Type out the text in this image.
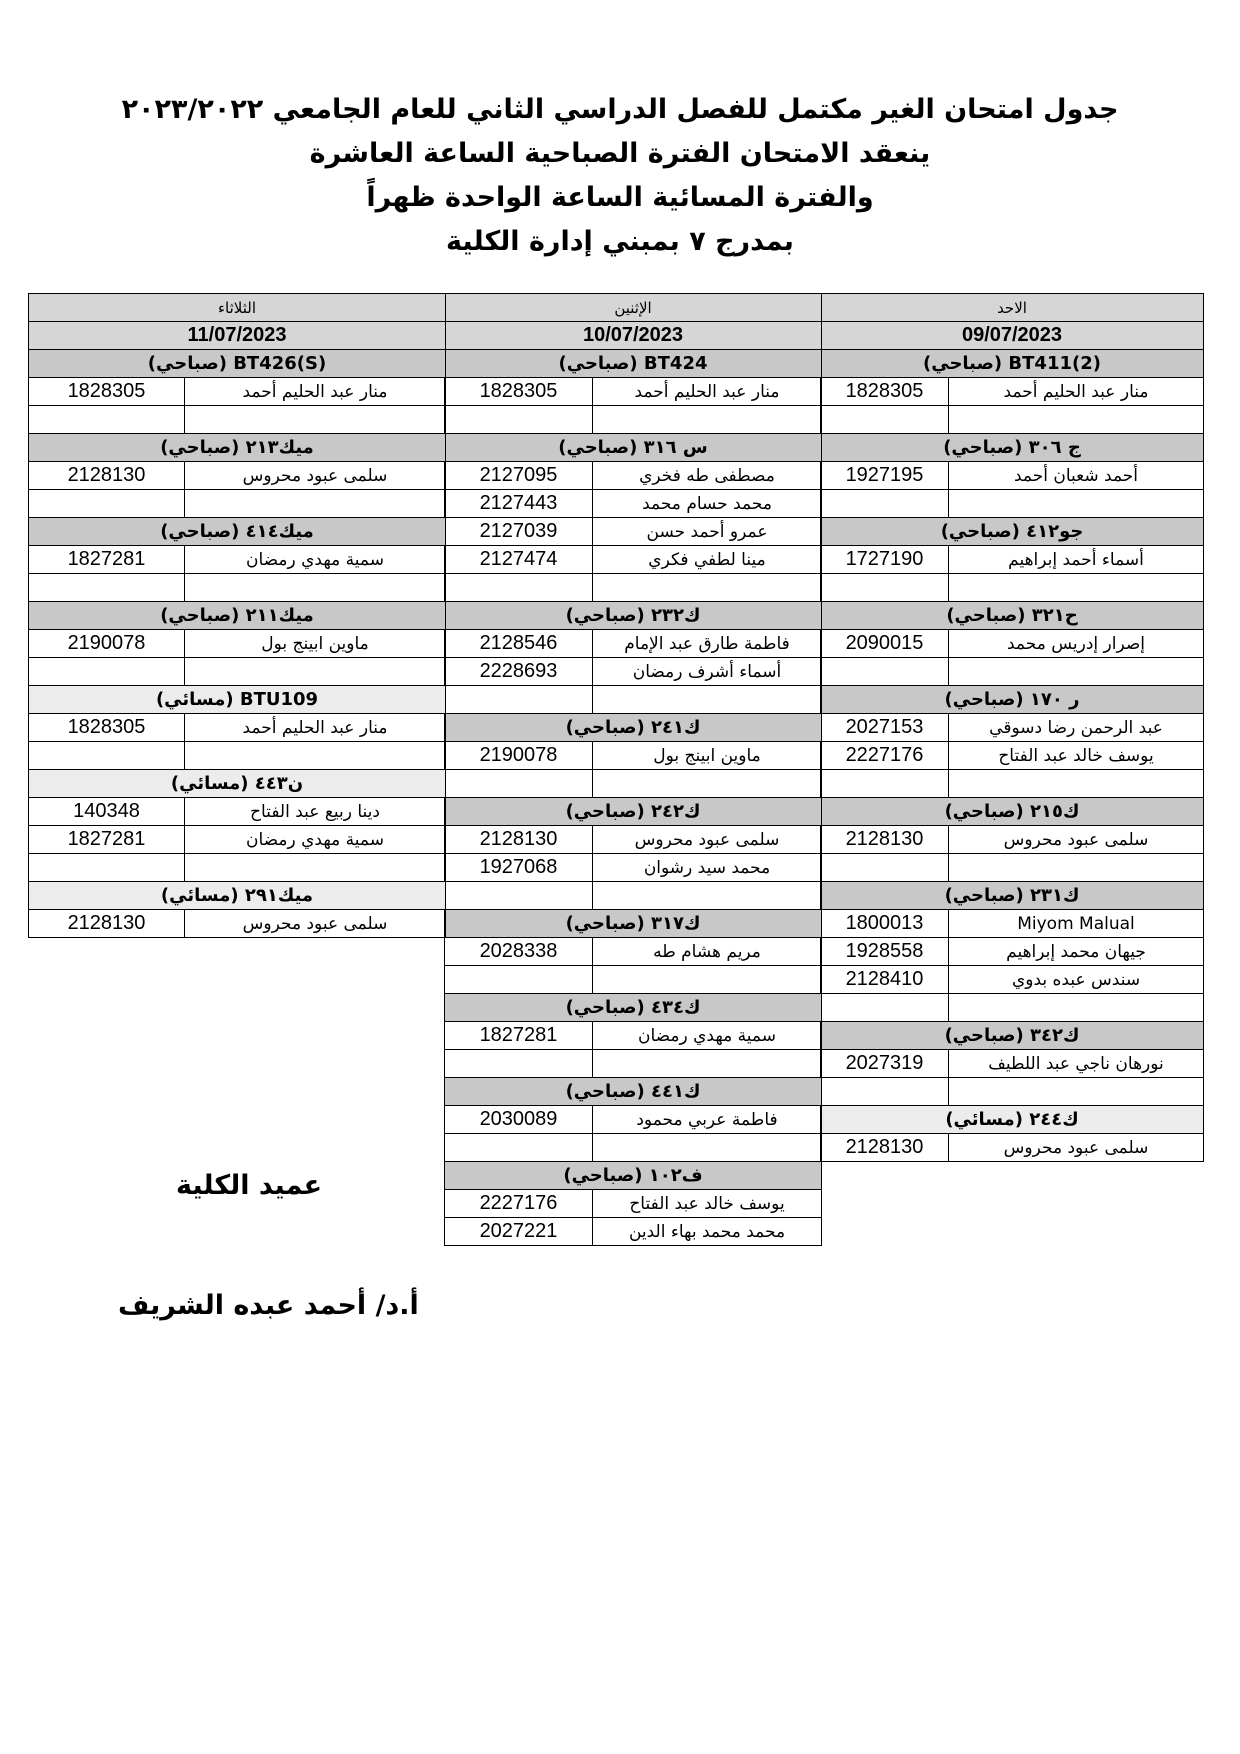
جدول امتحان الغير مكتمل للفصل الدراسي الثاني للعام الجامعي ٢٠٢٣/٢٠٢٢
ينعقد الامتحان الفترة الصباحية الساعة العاشرة
والفترة المسائية الساعة الواحدة ظهراً
بمدرج ٧ بمبني إدارة الكلية
الاحد
09/07/2023
BT411(2) (صباحي)
منار عبد الحليم أحمد
1828305
ج ٣٠٦ (صباحي)
أحمد شعبان أحمد
1927195
جو٤١٢ (صباحي)
أسماء أحمد إبراهيم
1727190
ح٣٢١ (صباحي)
إصرار إدريس محمد
2090015
ر ١٧٠ (صباحي)
عبد الرحمن رضا دسوقي
2027153
يوسف خالد عبد الفتاح
2227176
ك٢١٥ (صباحي)
سلمى عبود محروس
2128130
ك٢٣١ (صباحي)
Miyom Malual
1800013
جيهان محمد إبراهيم
1928558
سندس عبده بدوي
2128410
ك٣٤٢ (صباحي)
نورهان ناجي عبد اللطيف
2027319
ك٢٤٤ (مسائي)
سلمى عبود محروس
2128130
الإثنين
10/07/2023
BT424 (صباحي)
منار عبد الحليم أحمد
1828305
س ٣١٦ (صباحي)
مصطفى طه فخري
2127095
محمد حسام محمد
2127443
عمرو أحمد حسن
2127039
مينا لطفي فكري
2127474
ك٢٣٢ (صباحي)
فاطمة طارق عبد الإمام
2128546
أسماء أشرف رمضان
2228693
ك٢٤١ (صباحي)
ماوين ابينج بول
2190078
ك٢٤٢ (صباحي)
سلمى عبود محروس
2128130
محمد سيد رشوان
1927068
ك٣١٧ (صباحي)
مريم هشام طه
2028338
ك٤٣٤ (صباحي)
سمية مهدي رمضان
1827281
ك٤٤١ (صباحي)
فاطمة عربي محمود
2030089
ف١٠٢ (صباحي)
يوسف خالد عبد الفتاح
2227176
محمد محمد بهاء الدين
2027221
الثلاثاء
11/07/2023
BT426(S) (صباحي)
منار عبد الحليم أحمد
1828305
ميك٢١٣ (صباحي)
سلمى عبود محروس
2128130
ميك٤١٤ (صباحي)
سمية مهدي رمضان
1827281
ميك٢١١ (صباحي)
ماوين ابينج بول
2190078
BTU109 (مسائي)
منار عبد الحليم أحمد
1828305
ن٤٤٣ (مسائي)
دينا ربيع عبد الفتاح
140348
سمية مهدي رمضان
1827281
ميك٢٩١ (مسائي)
سلمى عبود محروس
2128130
عميد الكلية
أ.د/ أحمد عبده الشريف
